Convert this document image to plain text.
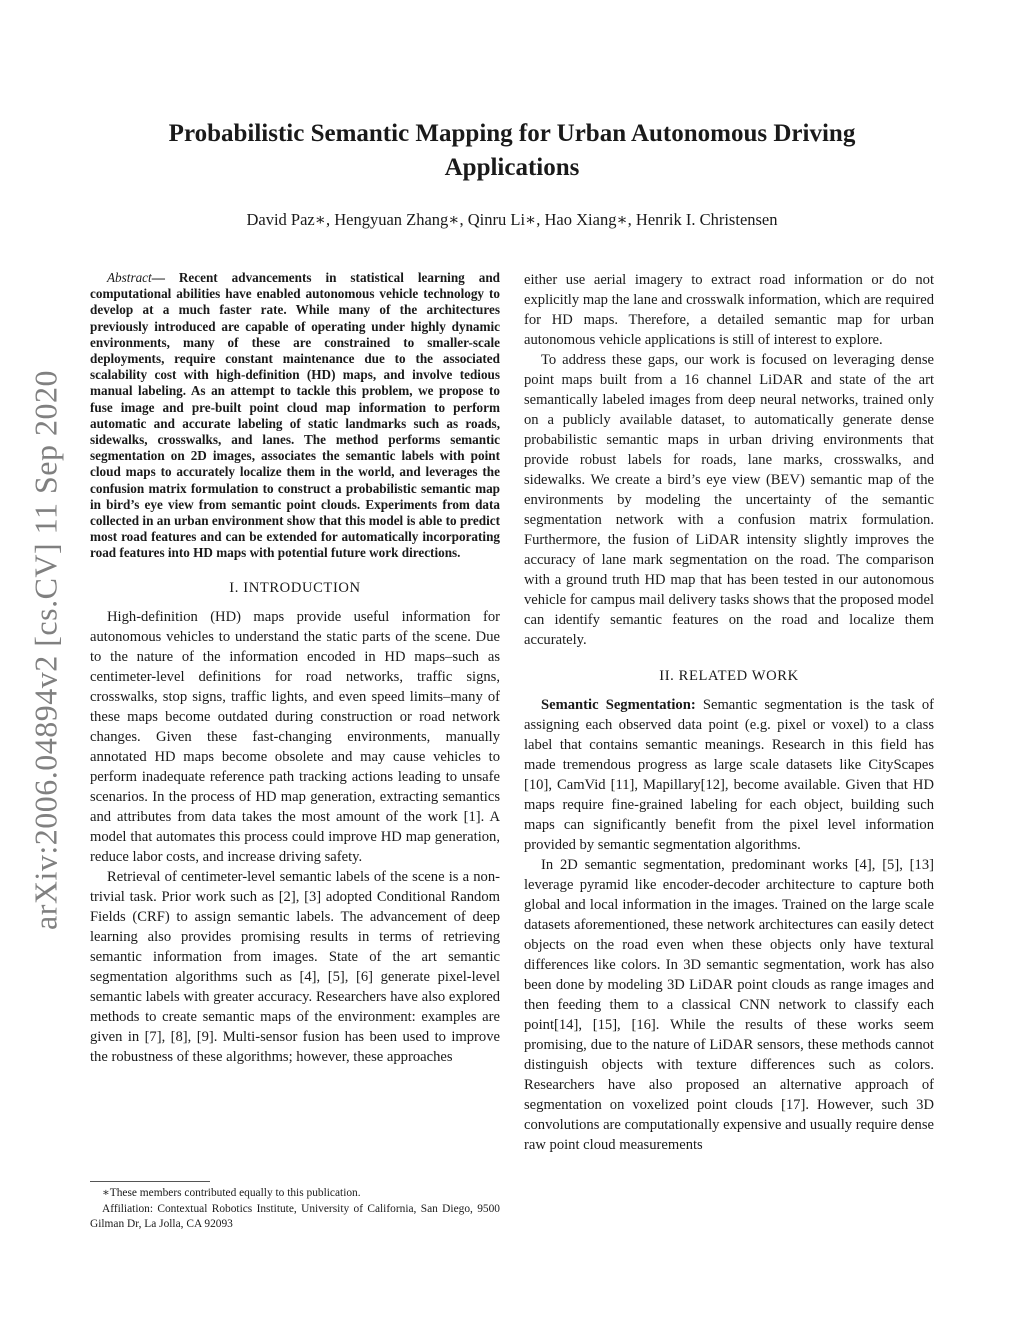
Probabilistic Semantic Mapping for Urban Autonomous Driving Applications
David Paz∗, Hengyuan Zhang∗, Qinru Li∗, Hao Xiang∗, Henrik I. Christensen
arXiv:2006.04894v2 [cs.CV] 11 Sep 2020

Abstract— Recent advancements in statistical learning and computational abilities have enabled autonomous vehicle technology to develop at a much faster rate. While many of the architectures previously introduced are capable of operating under highly dynamic environments, many of these are constrained to smaller-scale deployments, require constant maintenance due to the associated scalability cost with high-definition (HD) maps, and involve tedious manual labeling. As an attempt to tackle this problem, we propose to fuse image and pre-built point cloud map information to perform automatic and accurate labeling of static landmarks such as roads, sidewalks, crosswalks, and lanes. The method performs semantic segmentation on 2D images, associates the semantic labels with point cloud maps to accurately localize them in the world, and leverages the confusion matrix formulation to construct a probabilistic semantic map in bird’s eye view from semantic point clouds. Experiments from data collected in an urban environment show that this model is able to predict most road features and can be extended for automatically incorporating road features into HD maps with potential future work directions.

I. INTRODUCTION

High-definition (HD) maps provide useful information for autonomous vehicles to understand the static parts of the scene. Due to the nature of the information encoded in HD maps–such as centimeter-level definitions for road networks, traffic signs, crosswalks, stop signs, traffic lights, and even speed limits–many of these maps become outdated during construction or road network changes. Given these fast-changing environments, manually annotated HD maps become obsolete and may cause vehicles to perform inadequate reference path tracking actions leading to unsafe scenarios. In the process of HD map generation, extracting semantics and attributes from data takes the most amount of the work [1]. A model that automates this process could improve HD map generation, reduce labor costs, and increase driving safety.

Retrieval of centimeter-level semantic labels of the scene is a non-trivial task. Prior work such as [2], [3] adopted Conditional Random Fields (CRF) to assign semantic labels. The advancement of deep learning also provides promising results in terms of retrieving semantic information from images. State of the art semantic segmentation algorithms such as [4], [5], [6] generate pixel-level semantic labels with greater accuracy. Researchers have also explored methods to create semantic maps of the environment: examples are given in [7], [8], [9]. Multi-sensor fusion has been used to improve the robustness of these algorithms; however, these approaches

either use aerial imagery to extract road information or do not explicitly map the lane and crosswalk information, which are required for HD maps. Therefore, a detailed semantic map for urban autonomous vehicle applications is still of interest to explore.

To address these gaps, our work is focused on leveraging dense point maps built from a 16 channel LiDAR and state of the art semantically labeled images from deep neural networks, trained only on a publicly available dataset, to automatically generate dense probabilistic semantic maps in urban driving environments that provide robust labels for roads, lane marks, crosswalks, and sidewalks. We create a bird’s eye view (BEV) semantic map of the environments by modeling the uncertainty of the semantic segmentation network with a confusion matrix formulation. Furthermore, the fusion of LiDAR intensity slightly improves the accuracy of lane mark segmentation on the road. The comparison with a ground truth HD map that has been tested in our autonomous vehicle for campus mail delivery tasks shows that the proposed model can identify semantic features on the road and localize them accurately.

II. RELATED WORK

Semantic Segmentation: Semantic segmentation is the task of assigning each observed data point (e.g. pixel or voxel) to a class label that contains semantic meanings. Research in this field has made tremendous progress as large scale datasets like CityScapes [10], CamVid [11], Mapillary[12], become available. Given that HD maps require fine-grained labeling for each object, building such maps can significantly benefit from the pixel level information provided by semantic segmentation algorithms.

In 2D semantic segmentation, predominant works [4], [5], [13] leverage pyramid like encoder-decoder architecture to capture both global and local information in the images. Trained on the large scale datasets aforementioned, these network architectures can easily detect objects on the road even when these objects only have textural differences like colors. In 3D semantic segmentation, work has also been done by modeling 3D LiDAR point clouds as range images and then feeding them to a classical CNN network to classify each point[14], [15], [16]. While the results of these works seem promising, due to the nature of LiDAR sensors, these methods cannot distinguish objects with texture differences such as colors. Researchers have also proposed an alternative approach of segmentation on voxelized point clouds [17]. However, such 3D convolutions are computationally expensive and usually require dense raw point cloud measurements

∗These members contributed equally to this publication.

Affiliation: Contextual Robotics Institute, University of California, San Diego, 9500 Gilman Dr, La Jolla, CA 92093
